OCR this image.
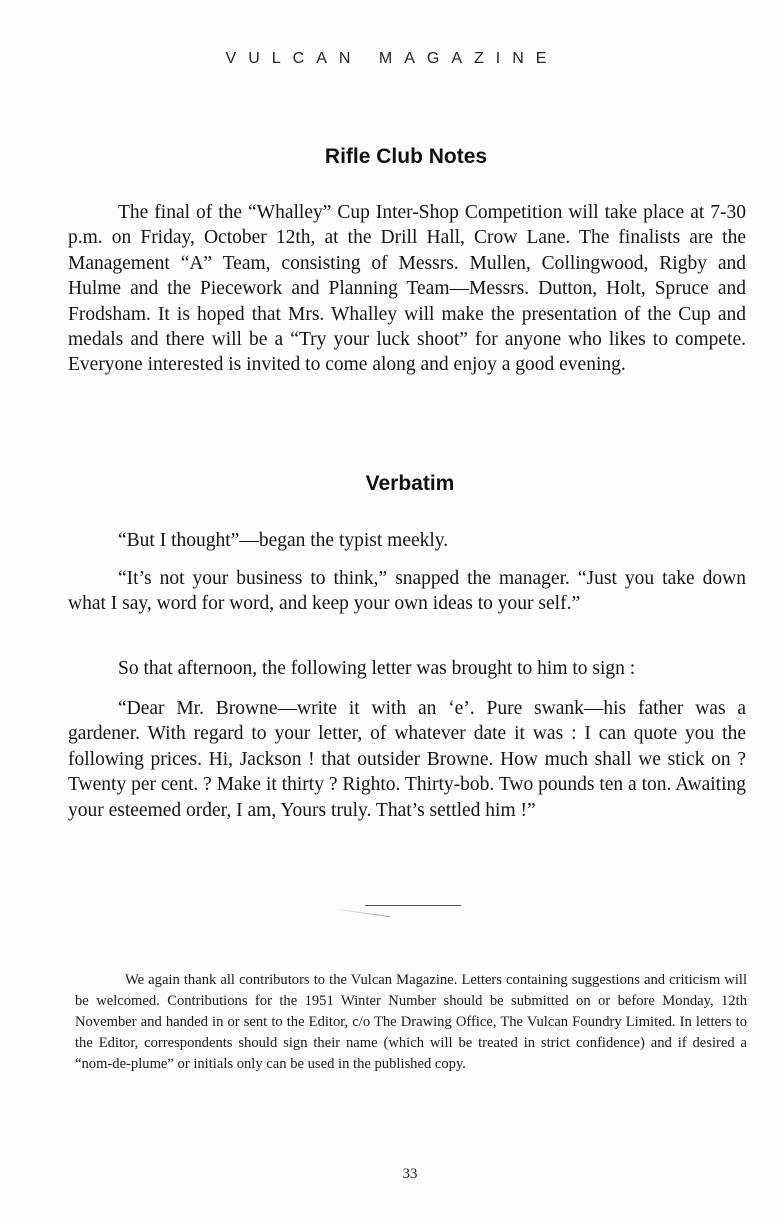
VULCAN MAGAZINE
Rifle Club Notes

The final of the “Whalley” Cup Inter-Shop Competition will take place at 7-30 p.m. on Friday, October 12th, at the Drill Hall, Crow Lane. The finalists are the Management “A” Team, consisting of Messrs. Mullen, Collingwood, Rigby and Hulme and the Piecework and Planning Team—Messrs. Dutton, Holt, Spruce and Frodsham. It is hoped that Mrs. Whalley will make the presentation of the Cup and medals and there will be a “Try your luck shoot” for anyone who likes to compete. Everyone interested is invited to come along and enjoy a good evening.

Verbatim

“But I thought”—began the typist meekly.

“It’s not your business to think,” snapped the manager. “Just you take down what I say, word for word, and keep your own ideas to your self.”

So that afternoon, the following letter was brought to him to sign :

“Dear Mr. Browne—write it with an ‘e’. Pure swank—his father was a gardener. With regard to your letter, of whatever date it was : I can quote you the following prices. Hi, Jackson ! that outsider Browne. How much shall we stick on ? Twenty per cent. ? Make it thirty ? Righto. Thirty-bob. Two pounds ten a ton. Awaiting your esteemed order, I am, Yours truly. That’s settled him !”

We again thank all contributors to the Vulcan Magazine. Letters containing suggestions and criticism will be welcomed. Contributions for the 1951 Winter Number should be submitted on or before Monday, 12th November and handed in or sent to the Editor, c/o The Drawing Office, The Vulcan Foundry Limited. In letters to the Editor, correspondents should sign their name (which will be treated in strict confidence) and if desired a “nom-de-plume” or initials only can be used in the published copy.

33
